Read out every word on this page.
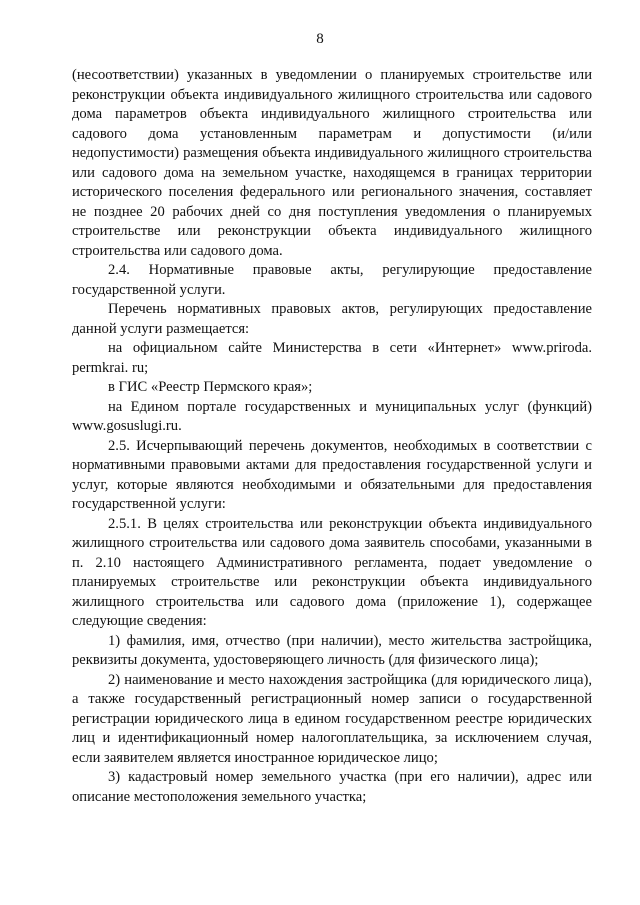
8

(несоответствии) указанных в уведомлении о планируемых строительстве или реконструкции объекта индивидуального жилищного строительства или садового дома параметров объекта индивидуального жилищного строительства или садового дома установленным параметрам и допустимости (и/или недопустимости) размещения объекта индивидуального жилищного строительства или садового дома на земельном участке, находящемся в границах территории исторического поселения федерального или регионального значения, составляет не позднее 20 рабочих дней со дня поступления уведомления о планируемых строительстве или реконструкции объекта индивидуального жилищного строительства или садового дома.

2.4. Нормативные правовые акты, регулирующие предоставление государственной услуги.

Перечень нормативных правовых актов, регулирующих предоставление данной услуги размещается:

на официальном сайте Министерства в сети «Интернет» www.priroda. permkrai. ru;

в ГИС «Реестр Пермского края»;

на Едином портале государственных и муниципальных услуг (функций) www.gosuslugi.ru.

2.5. Исчерпывающий перечень документов, необходимых в соответствии с нормативными правовыми актами для предоставления государственной услуги и услуг, которые являются необходимыми и обязательными для предоставления государственной услуги:

2.5.1. В целях строительства или реконструкции объекта индивидуального жилищного строительства или садового дома заявитель способами, указанными в п. 2.10 настоящего Административного регламента, подает уведомление о планируемых строительстве или реконструкции объекта индивидуального жилищного строительства или садового дома (приложение 1), содержащее следующие сведения:

1) фамилия, имя, отчество (при наличии), место жительства застройщика, реквизиты документа, удостоверяющего личность (для физического лица);

2) наименование и место нахождения застройщика (для юридического лица), а также государственный регистрационный номер записи о государственной регистрации юридического лица в едином государственном реестре юридических лиц и идентификационный номер налогоплательщика, за исключением случая, если заявителем является иностранное юридическое лицо;

3) кадастровый номер земельного участка (при его наличии), адрес или описание местоположения земельного участка;
